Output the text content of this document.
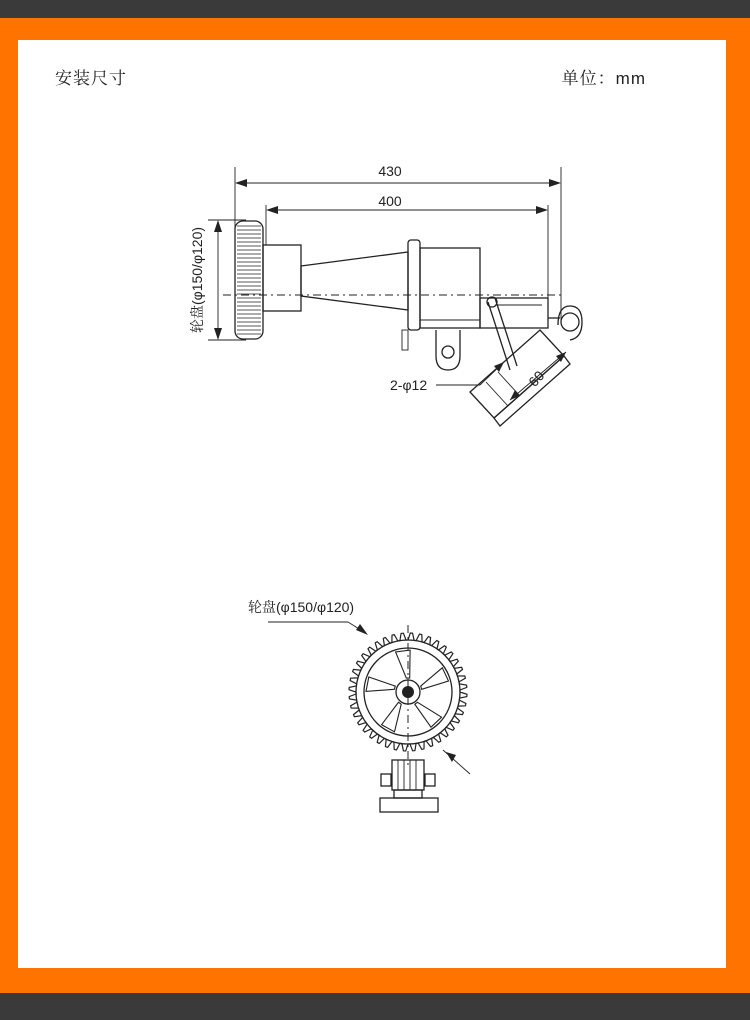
安装尺寸	单位：mm
430
400
轮盘(φ150/φ120)
60
2-φ12
轮盘(φ150/φ120)
